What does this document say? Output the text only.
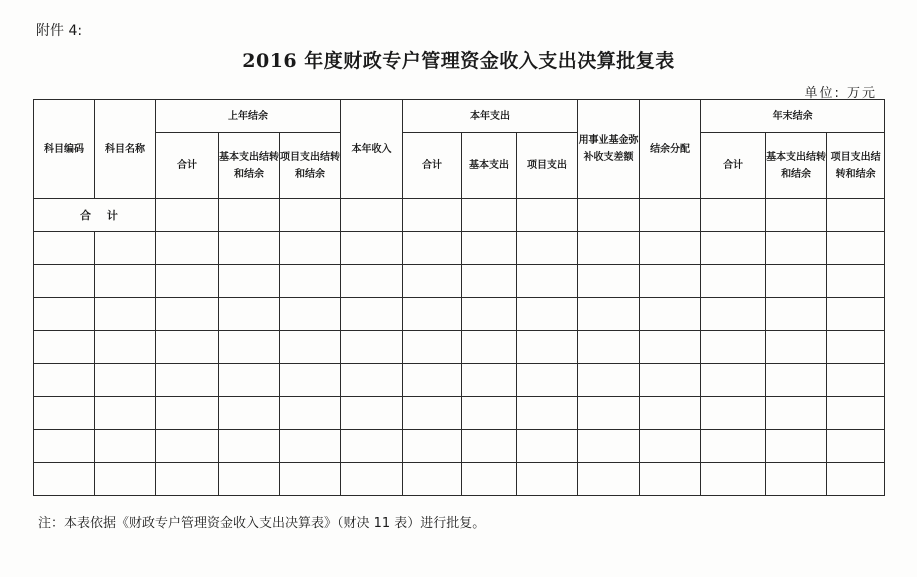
附件 4:
2016 年度财政专户管理资金收入支出决算批复表
单位: 万元
科目编码	科目名称	上年结余			本年收入	本年支出			用事业基金弥补收支差额	结余分配	年末结余		
		合计	基本支出结转和结余	项目支出结转和结余		合计	基本支出	项目支出			合计	基本支出结转和结余	项目支出结转和结余
合 计													

注：本表依据《财政专户管理资金收入支出决算表》（财决 11 表）进行批复。
